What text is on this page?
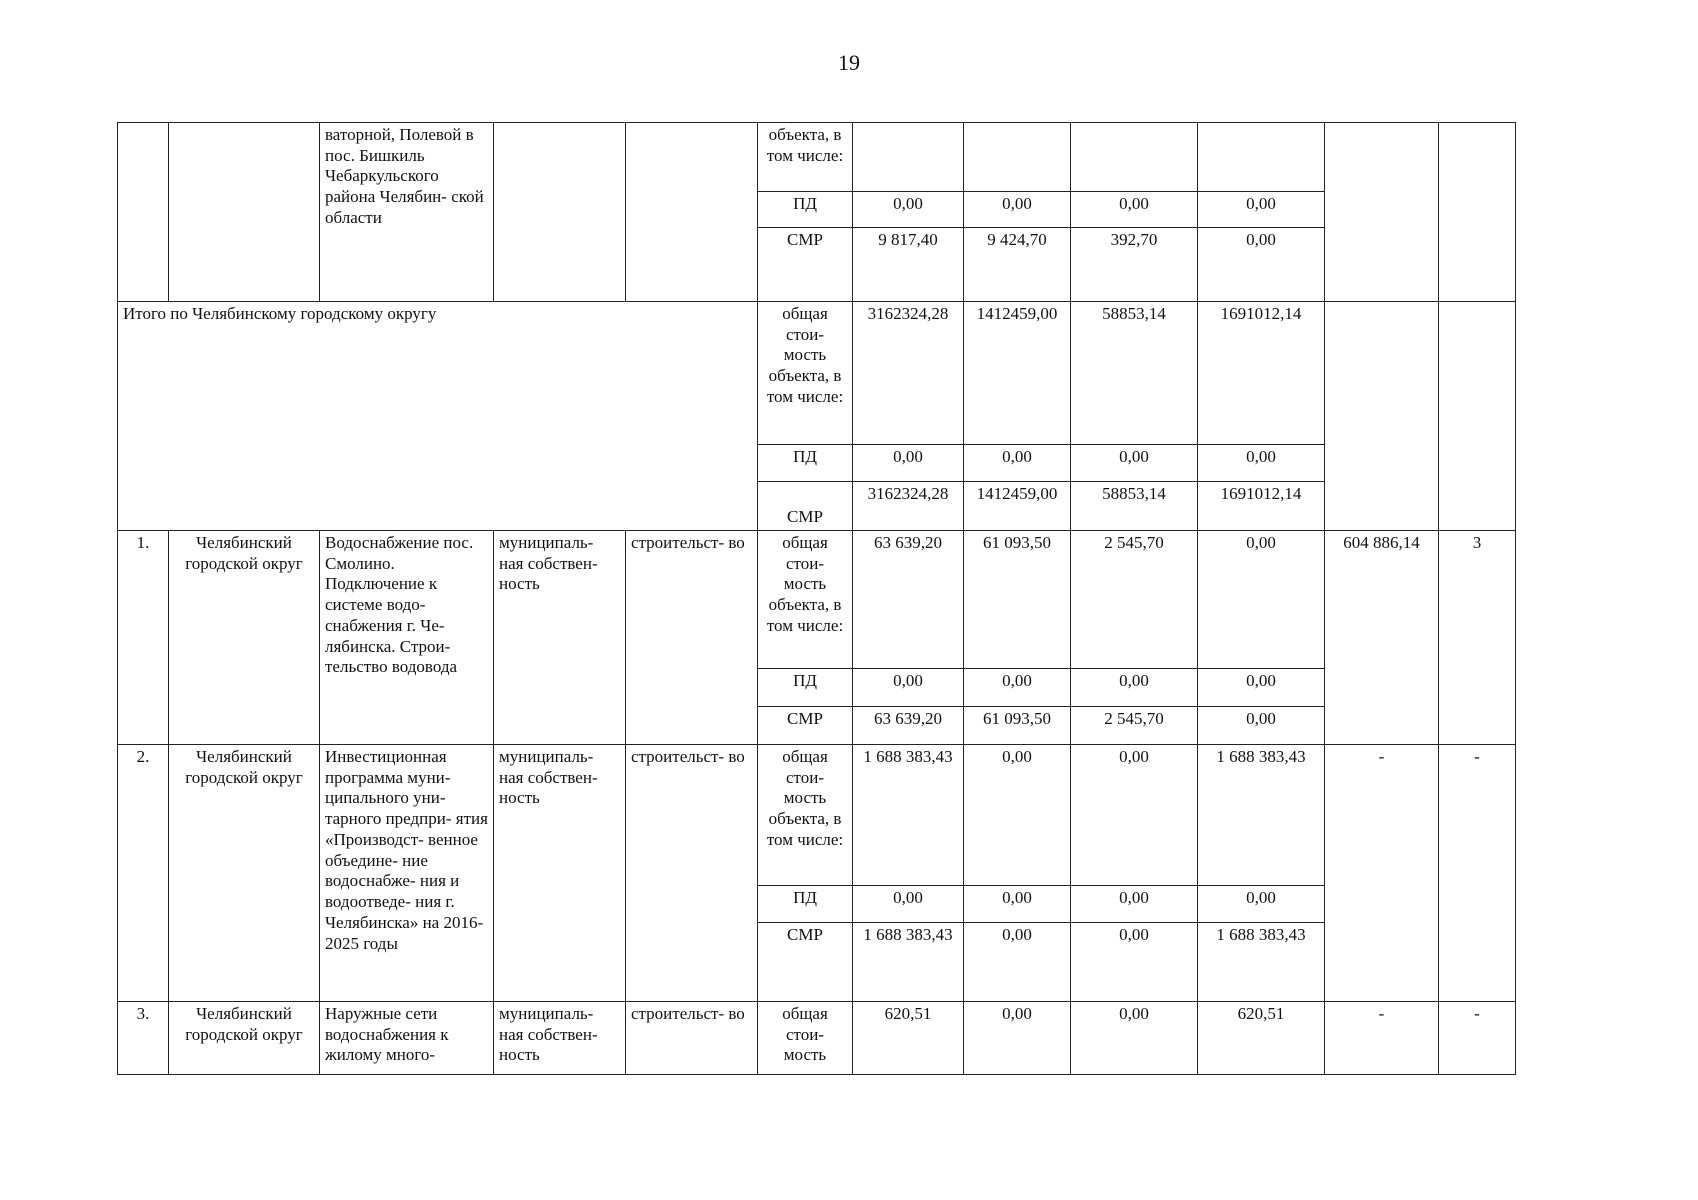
19
		ваторной, Полевой в пос. Бишкиль Чебаркульского района Челябин- ской области			объекта, в том числе:						
					ПД	0,00	0,00	0,00	0,00		
					СМР	9 817,40	9 424,70	392,70	0,00		
Итого по Челябинскому городскому округу					общая стои- мость объекта, в том числе:	3162324,28	1412459,00	58853,14	1691012,14		
					ПД	0,00	0,00	0,00	0,00		
					СМР	3162324,28	1412459,00	58853,14	1691012,14		
1.	Челябинский городской округ	Водоснабжение пос. Смолино. Подключение к системе водо- снабжения г. Че- лябинска. Строи- тельство водовода	муниципаль- ная собствен- ность	строительст- во	общая стои- мость объекта, в том числе:	63 639,20	61 093,50	2 545,70	0,00	604 886,14	3
					ПД	0,00	0,00	0,00	0,00		
					СМР	63 639,20	61 093,50	2 545,70	0,00		
2.	Челябинский городской округ	Инвестиционная программа муни- ципального уни- тарного предпри- ятия «Производст- венное объедине- ние водоснабже- ния и водоотведе- ния г. Челябинска» на 2016-2025 годы	муниципаль- ная собствен- ность	строительст- во	общая стои- мость объекта, в том числе:	1 688 383,43	0,00	0,00	1 688 383,43	-	-
					ПД	0,00	0,00	0,00	0,00		
					СМР	1 688 383,43	0,00	0,00	1 688 383,43		
3.	Челябинский городской округ	Наружные сети водоснабжения к жилому много-	муниципаль- ная собствен- ность	строительст- во	общая стои- мость	620,51	0,00	0,00	620,51	-	-
